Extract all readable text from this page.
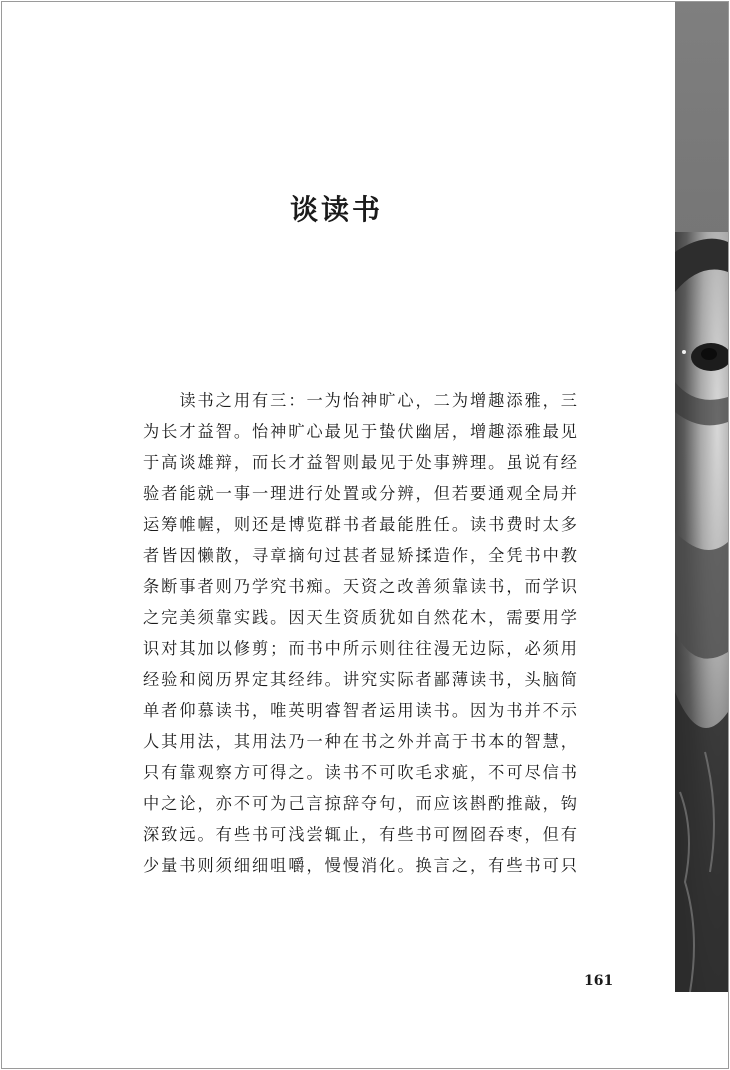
谈读书
　　读书之用有三：一为怡神旷心，二为增趣添雅，三
为长才益智。怡神旷心最见于蛰伏幽居，增趣添雅最见
于高谈雄辩，而长才益智则最见于处事辨理。虽说有经
验者能就一事一理进行处置或分辨，但若要通观全局并
运筹帷幄，则还是博览群书者最能胜任。读书费时太多
者皆因懒散，寻章摘句过甚者显矫揉造作，全凭书中教
条断事者则乃学究书痴。天资之改善须靠读书，而学识
之完美须靠实践。因天生资质犹如自然花木，需要用学
识对其加以修剪；而书中所示则往往漫无边际，必须用
经验和阅历界定其经纬。讲究实际者鄙薄读书，头脑简
单者仰慕读书，唯英明睿智者运用读书。因为书并不示
人其用法，其用法乃一种在书之外并高于书本的智慧，
只有靠观察方可得之。读书不可吹毛求疵，不可尽信书
中之论，亦不可为己言掠辞夺句，而应该斟酌推敲，钩
深致远。有些书可浅尝辄止，有些书可囫囵吞枣，但有
少量书则须细细咀嚼，慢慢消化。换言之，有些书可只
161
